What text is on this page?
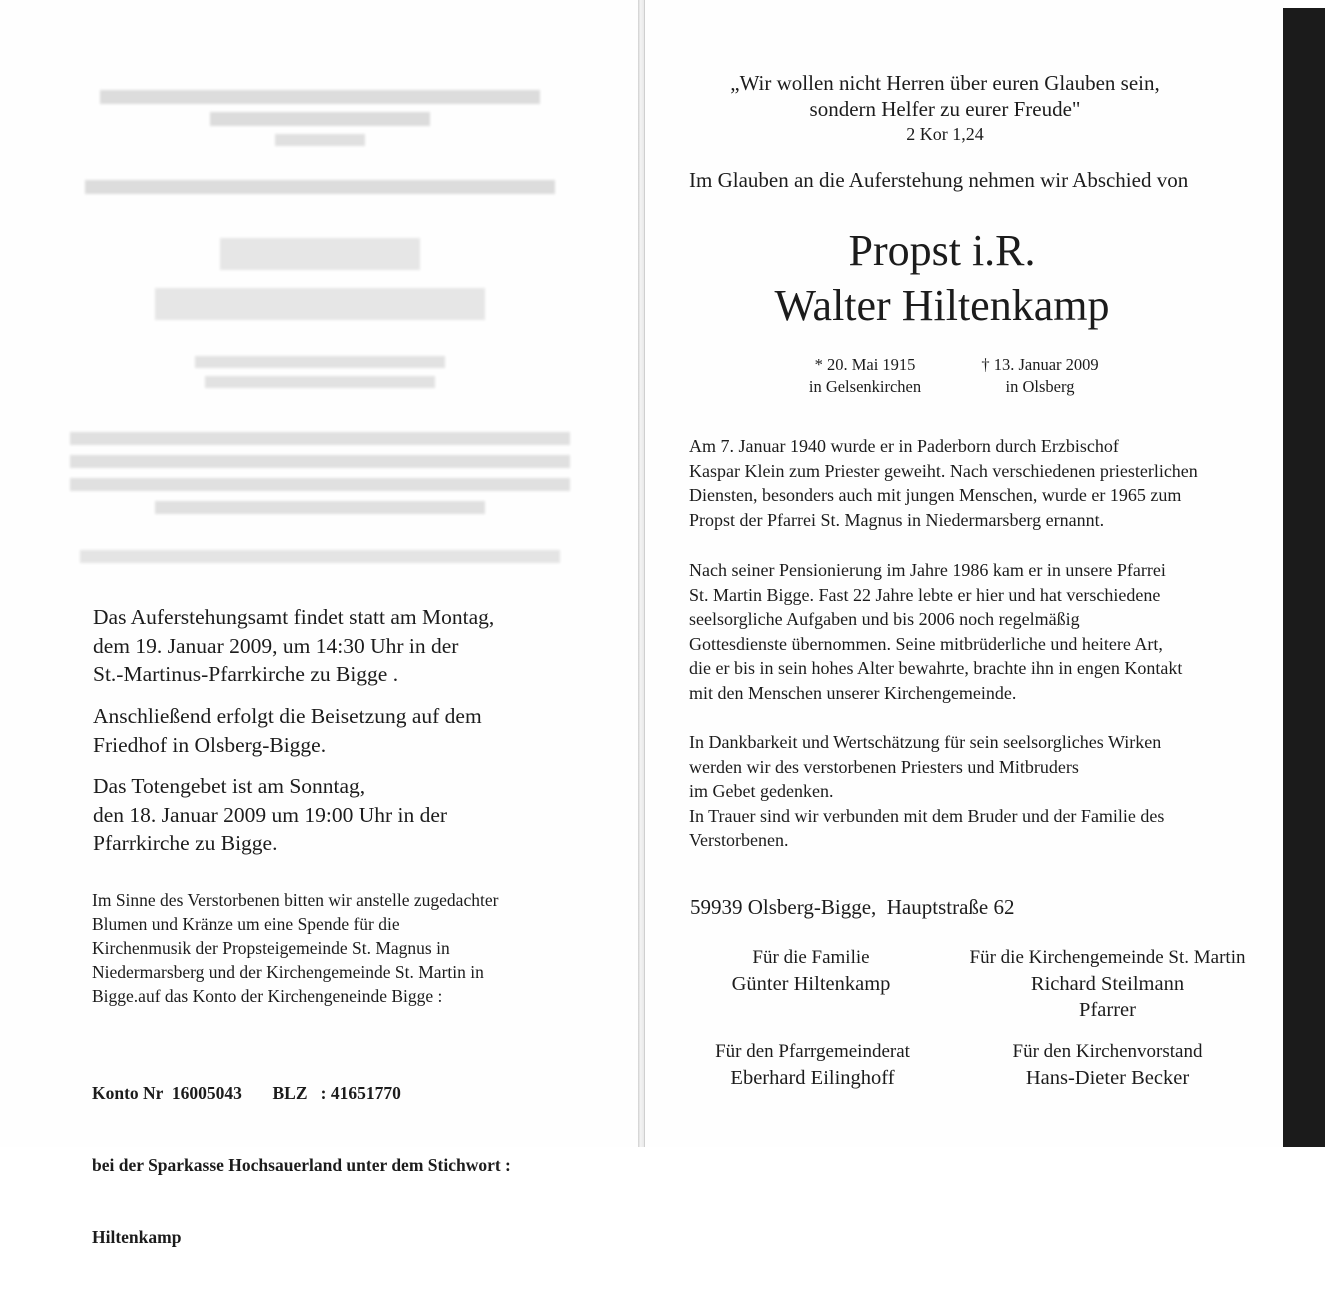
Das Auferstehungsamt findet statt am Montag,
dem 19. Januar 2009, um 14:30 Uhr in der
St.-Martinus-Pfarrkirche zu Bigge .
Anschließend erfolgt die Beisetzung auf dem
Friedhof in Olsberg-Bigge.
Das Totengebet ist am Sonntag,
den 18. Januar 2009 um 19:00 Uhr in der
Pfarrkirche zu Bigge.
Im Sinne des Verstorbenen bitten wir anstelle zugedachter
Blumen und Kränze um eine Spende für die
Kirchenmusik der Propsteigemeinde St. Magnus in
Niedermarsberg und der Kirchengemeinde St. Martin in
Bigge.auf das Konto der Kirchengeneinde Bigge :

Konto Nr  16005043       BLZ   : 41651770

bei der Sparkasse Hochsauerland unter dem Stichwort :

Hiltenkamp

„Wir wollen nicht Herren über euren Glauben sein,
sondern Helfer zu eurer Freude"
2 Kor 1,24
Im Glauben an die Auferstehung nehmen wir Abschied von
Propst i.R.
Walter Hiltenkamp
* 20. Mai 1915
in Gelsenkirchen
† 13. Januar 2009
in Olsberg
Am 7. Januar 1940 wurde er in Paderborn durch Erzbischof
Kaspar Klein zum Priester geweiht. Nach verschiedenen priesterlichen
Diensten, besonders auch mit jungen Menschen, wurde er 1965 zum
Propst der Pfarrei St. Magnus in Niedermarsberg ernannt.
Nach seiner Pensionierung im Jahre 1986 kam er in unsere Pfarrei
St. Martin Bigge. Fast 22 Jahre lebte er hier und hat verschiedene
seelsorgliche Aufgaben und bis 2006 noch regelmäßig
Gottesdienste übernommen. Seine mitbrüderliche und heitere Art,
die er bis in sein hohes Alter bewahrte, brachte ihn in engen Kontakt
mit den Menschen unserer Kirchengemeinde.
In Dankbarkeit und Wertschätzung für sein seelsorgliches Wirken
werden wir des verstorbenen Priesters und Mitbruders
im Gebet gedenken.
In Trauer sind wir verbunden mit dem Bruder und der Familie des
Verstorbenen.
59939 Olsberg-Bigge,  Hauptstraße 62
Für die Familie
Günter Hiltenkamp
Für die Kirchengemeinde St. Martin
Richard Steilmann
Pfarrer
Für den Pfarrgemeinderat
Eberhard Eilinghoff
Für den Kirchenvorstand
Hans-Dieter Becker
